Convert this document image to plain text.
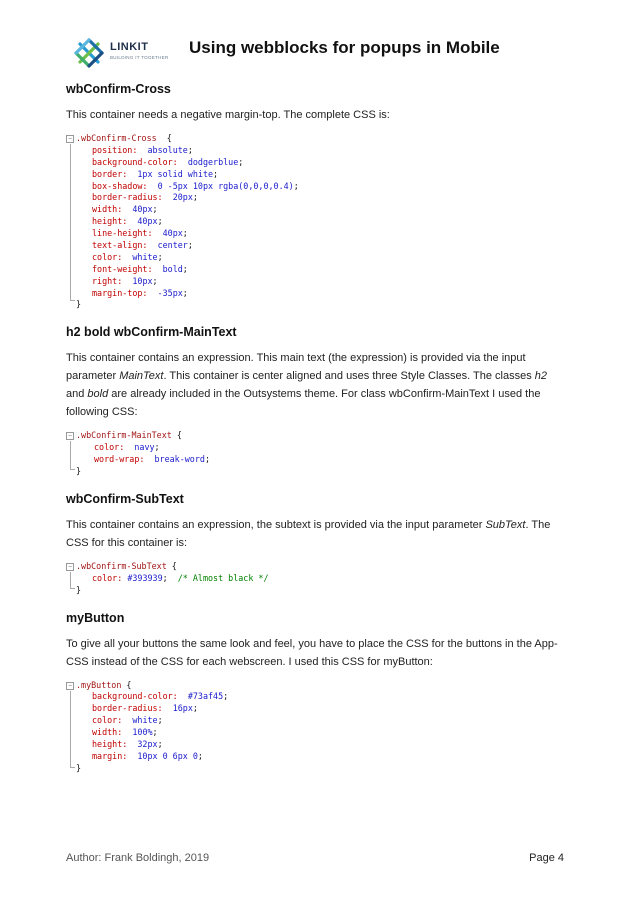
LINKIT
BUILDING IT TOGETHER
Using webblocks for popups in Mobile
wbConfirm-Cross

This container needs a negative margin-top. The complete CSS is:

− .wbConfirm-Cross  {
position: absolute;
background-color: dodgerblue;
border: 1px solid white;
box-shadow: 0 -5px 10px rgba(0,0,0,0.4);
border-radius: 20px;
width: 40px;
height: 40px;
line-height: 40px;
text-align: center;
color: white;
font-weight: bold;
right: 10px;
margin-top: -35px;
}
h2 bold wbConfirm-MainText

This container contains an expression. This main text (the expression) is provided via the input
parameter MainText. This container is center aligned and uses three Style Classes. The classes h2
and bold are already included in the Outsystems theme. For class wbConfirm-MainText I used the
following CSS:

− .wbConfirm-MainText {
color: navy;
word-wrap: break-word;
}
wbConfirm-SubText

This container contains an expression, the subtext is provided via the input parameter SubText. The
CSS for this container is:

− .wbConfirm-SubText {
color: #393939; /* Almost black */
}
myButton

To give all your buttons the same look and feel, you have to place the CSS for the buttons in the App-
CSS instead of the CSS for each webscreen. I used this CSS for myButton:

− .myButton {
background-color: #73af45;
border-radius: 16px;
color: white;
width: 100%;
height: 32px;
margin: 10px 0 6px 0;
}
Author: Frank Boldingh, 2019	Page 4
